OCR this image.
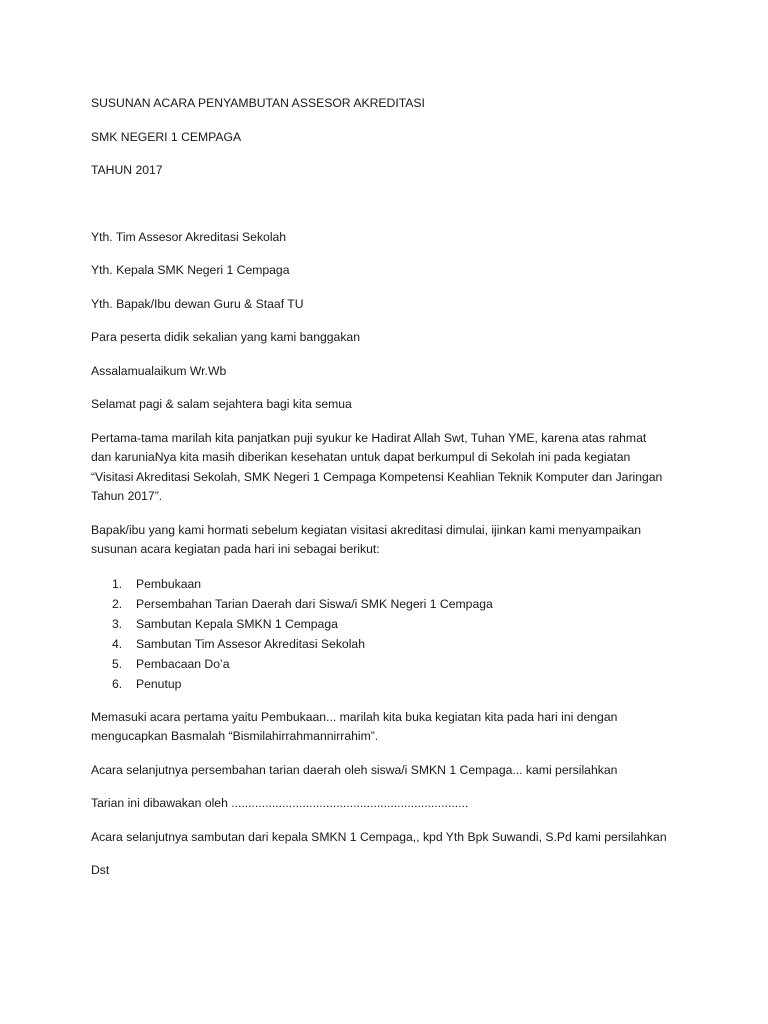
SUSUNAN ACARA PENYAMBUTAN ASSESOR AKREDITASI
SMK NEGERI 1 CEMPAGA
TAHUN 2017
Yth. Tim Assesor Akreditasi Sekolah
Yth. Kepala SMK Negeri 1 Cempaga
Yth. Bapak/Ibu dewan Guru & Staaf TU
Para peserta didik sekalian yang kami banggakan
Assalamualaikum Wr.Wb
Selamat pagi & salam sejahtera bagi kita semua
Pertama-tama marilah kita panjatkan puji syukur ke Hadirat Allah Swt, Tuhan YME, karena atas rahmat
dan karuniaNya kita masih diberikan kesehatan untuk dapat berkumpul di Sekolah ini pada kegiatan
“Visitasi Akreditasi Sekolah, SMK Negeri 1 Cempaga Kompetensi Keahlian Teknik Komputer dan Jaringan
Tahun 2017”.
Bapak/ibu yang kami hormati sebelum kegiatan visitasi akreditasi dimulai, ijinkan kami menyampaikan
susunan acara kegiatan pada hari ini sebagai berikut:
1.	Pembukaan
2.	Persembahan Tarian Daerah dari Siswa/i SMK Negeri 1 Cempaga
3.	Sambutan Kepala SMKN 1 Cempaga
4.	Sambutan Tim Assesor Akreditasi Sekolah
5.	Pembacaan Do’a
6.	Penutup
Memasuki acara pertama yaitu Pembukaan... marilah kita buka kegiatan kita pada hari ini dengan
mengucapkan Basmalah “Bismilahirrahmannirrahim”.
Acara selanjutnya persembahan tarian daerah oleh siswa/i SMKN 1 Cempaga... kami persilahkan
Tarian ini dibawakan oleh ......................................................................
Acara selanjutnya sambutan dari kepala SMKN 1 Cempaga,, kpd Yth Bpk Suwandi, S.Pd kami persilahkan
Dst
